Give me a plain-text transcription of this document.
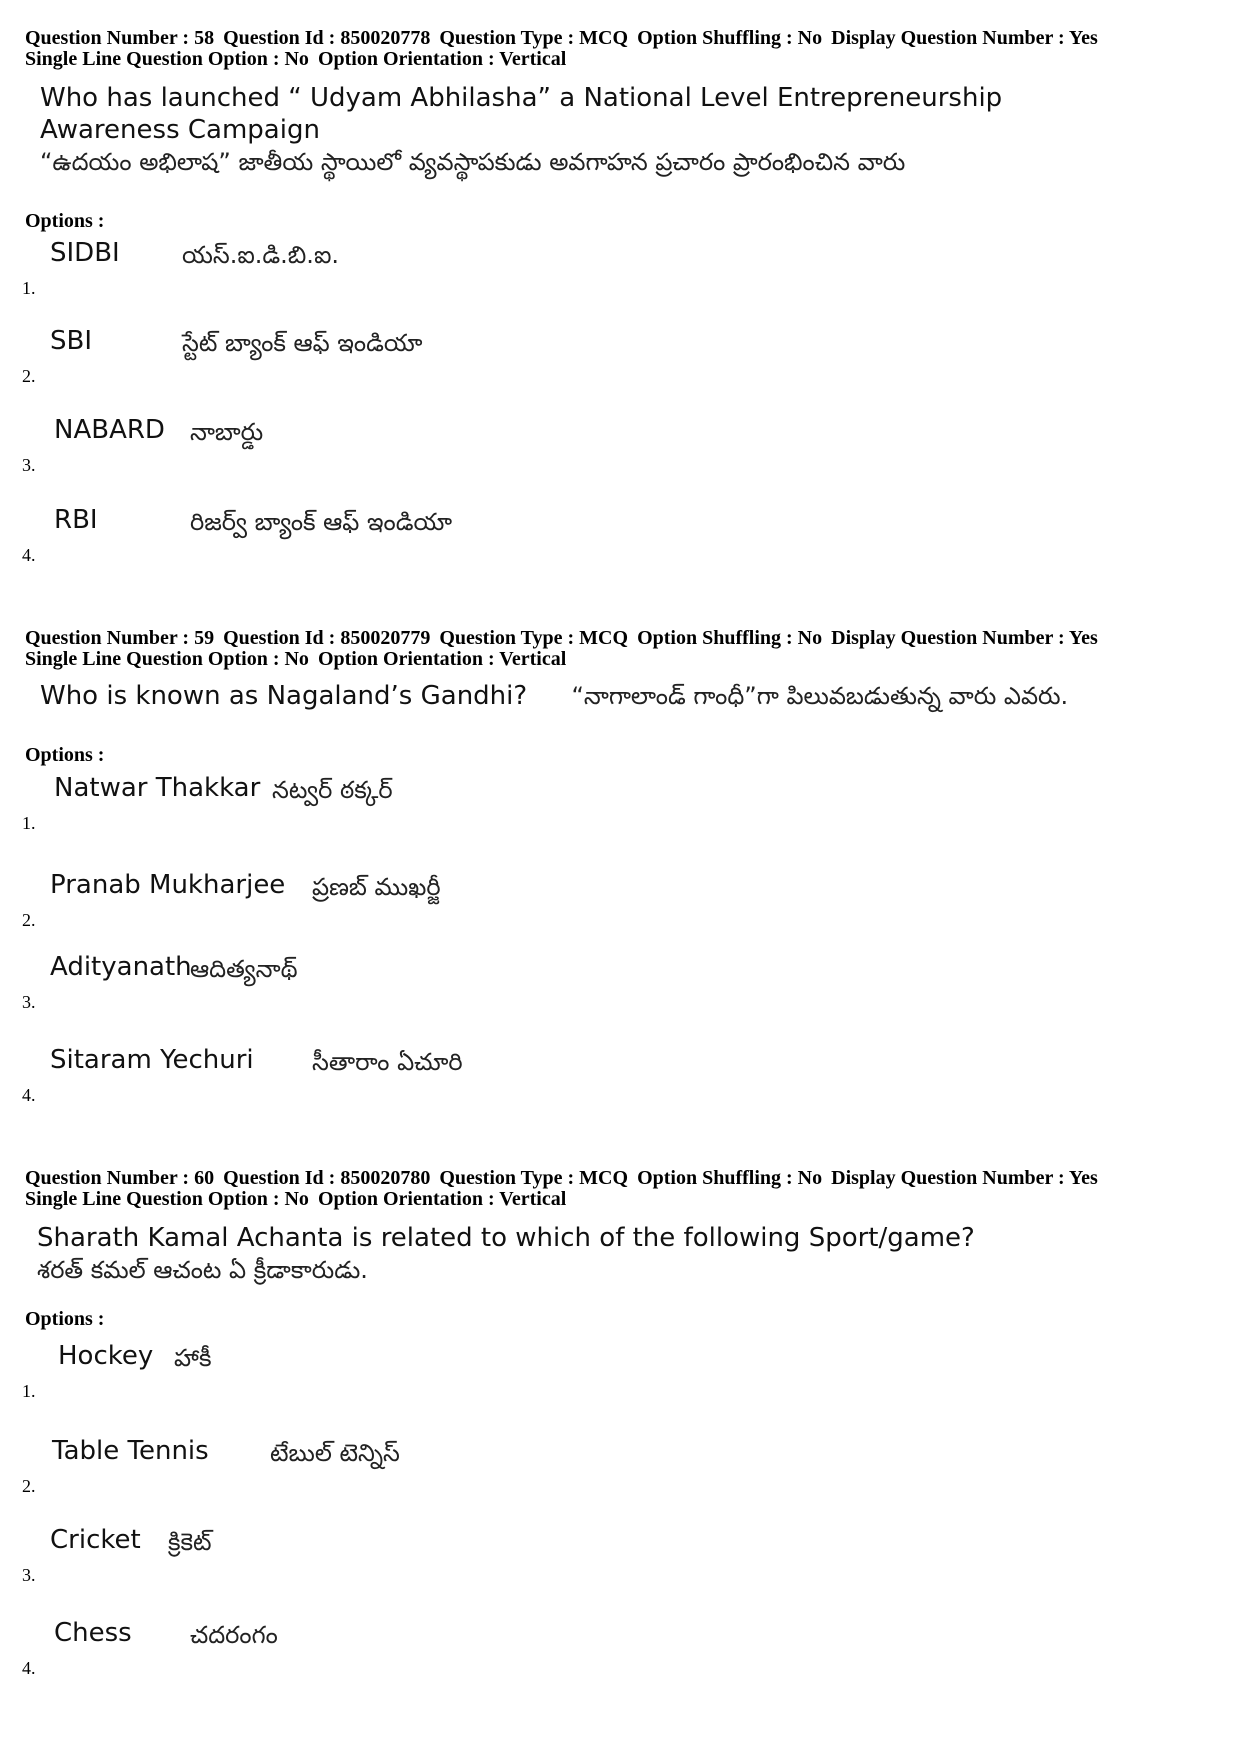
Question Number : 58 Question Id : 850020778 Question Type : MCQ Option Shuffling : No Display Question Number : Yes
Single Line Question Option : No Option Orientation : Vertical
Who has launched “ Udyam Abhilasha” a National Level Entrepreneurship Awareness Campaign
“ఉదయం అభిలాష” జాతీయ స్థాయిలో వ్యవస్థాపకుడు అవగాహన ప్రచారం ప్రారంభించిన వారు
Options :
1.
SIDBI	యస్.ఐ.డి.బి.ఐ.
2.
SBI	స్టేట్ బ్యాంక్ ఆఫ్ ఇండియా
3.
NABARD నాబార్డు
4.
RBI	రిజర్వ్ బ్యాంక్ ఆఫ్ ఇండియా
Question Number : 59 Question Id : 850020779 Question Type : MCQ Option Shuffling : No Display Question Number : Yes
Single Line Question Option : No Option Orientation : Vertical
Who is known as Nagaland’s Gandhi? “నాగాలాండ్ గాంధీ”గా పిలువబడుతున్న వారు ఎవరు.
Options :
1.
Natwar Thakkar నట్వర్ ఠక్కర్
2.
Pranab Mukharjee ప్రణబ్ ముఖర్జీ
3.
Adityanath
ఆదిత్యనాథ్
4.
Sitaram Yechuri సీతారాం ఏచూరి
Question Number : 60 Question Id : 850020780 Question Type : MCQ Option Shuffling : No Display Question Number : Yes
Single Line Question Option : No Option Orientation : Vertical
Sharath Kamal Achanta is related to which of the following Sport/game?
శరత్ కమల్ ఆచంట ఏ క్రీడాకారుడు.
Options :
1.
Hockey హాకీ
2.
Table Tennis	టేబుల్ టెన్నిస్
3.
Cricket క్రికెట్
4.
Chess చదరంగం
